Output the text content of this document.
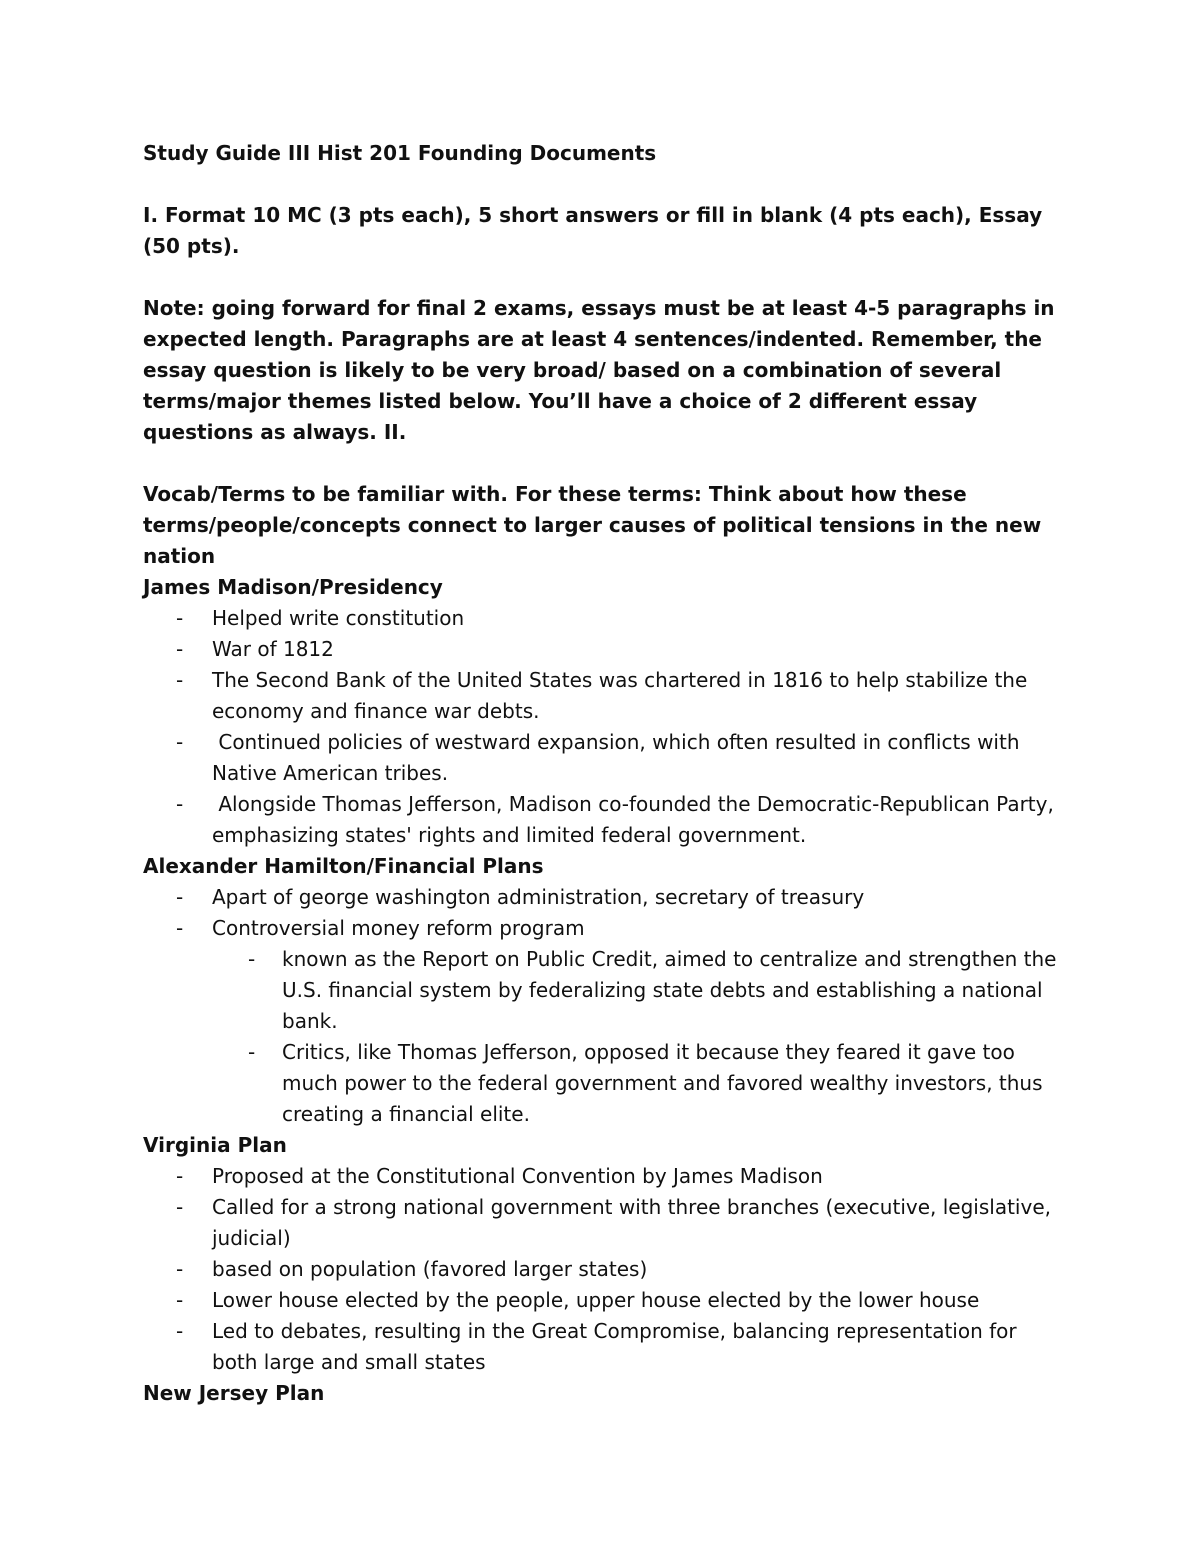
Study Guide III Hist 201 Founding Documents

I. Format 10 MC (3 pts each), 5 short answers or fill in blank (4 pts each), Essay (50 pts).

Note: going forward for final 2 exams, essays must be at least 4-5 paragraphs in expected length. Paragraphs are at least 4 sentences/indented. Remember, the essay question is likely to be very broad/ based on a combination of several terms/major themes listed below. You’ll have a choice of 2 different essay questions as always. II.

Vocab/Terms to be familiar with. For these terms: Think about how these terms/people/concepts connect to larger causes of political tensions in the new nation

James Madison/Presidency

- Helped write constitution
- War of 1812
- The Second Bank of the United States was chartered in 1816 to help stabilize the economy and finance war debts.
- Continued policies of westward expansion, which often resulted in conflicts with Native American tribes.
- Alongside Thomas Jefferson, Madison co-founded the Democratic-Republican Party, emphasizing states' rights and limited federal government.

Alexander Hamilton/Financial Plans

- Apart of george washington administration, secretary of treasury
- Controversial money reform program
- known as the Report on Public Credit, aimed to centralize and strengthen the U.S. financial system by federalizing state debts and establishing a national bank.
- Critics, like Thomas Jefferson, opposed it because they feared it gave too much power to the federal government and favored wealthy investors, thus creating a financial elite.

Virginia Plan

- Proposed at the Constitutional Convention by James Madison
- Called for a strong national government with three branches (executive, legislative, judicial)
- based on population (favored larger states)
- Lower house elected by the people, upper house elected by the lower house
- Led to debates, resulting in the Great Compromise, balancing representation for both large and small states

New Jersey Plan
